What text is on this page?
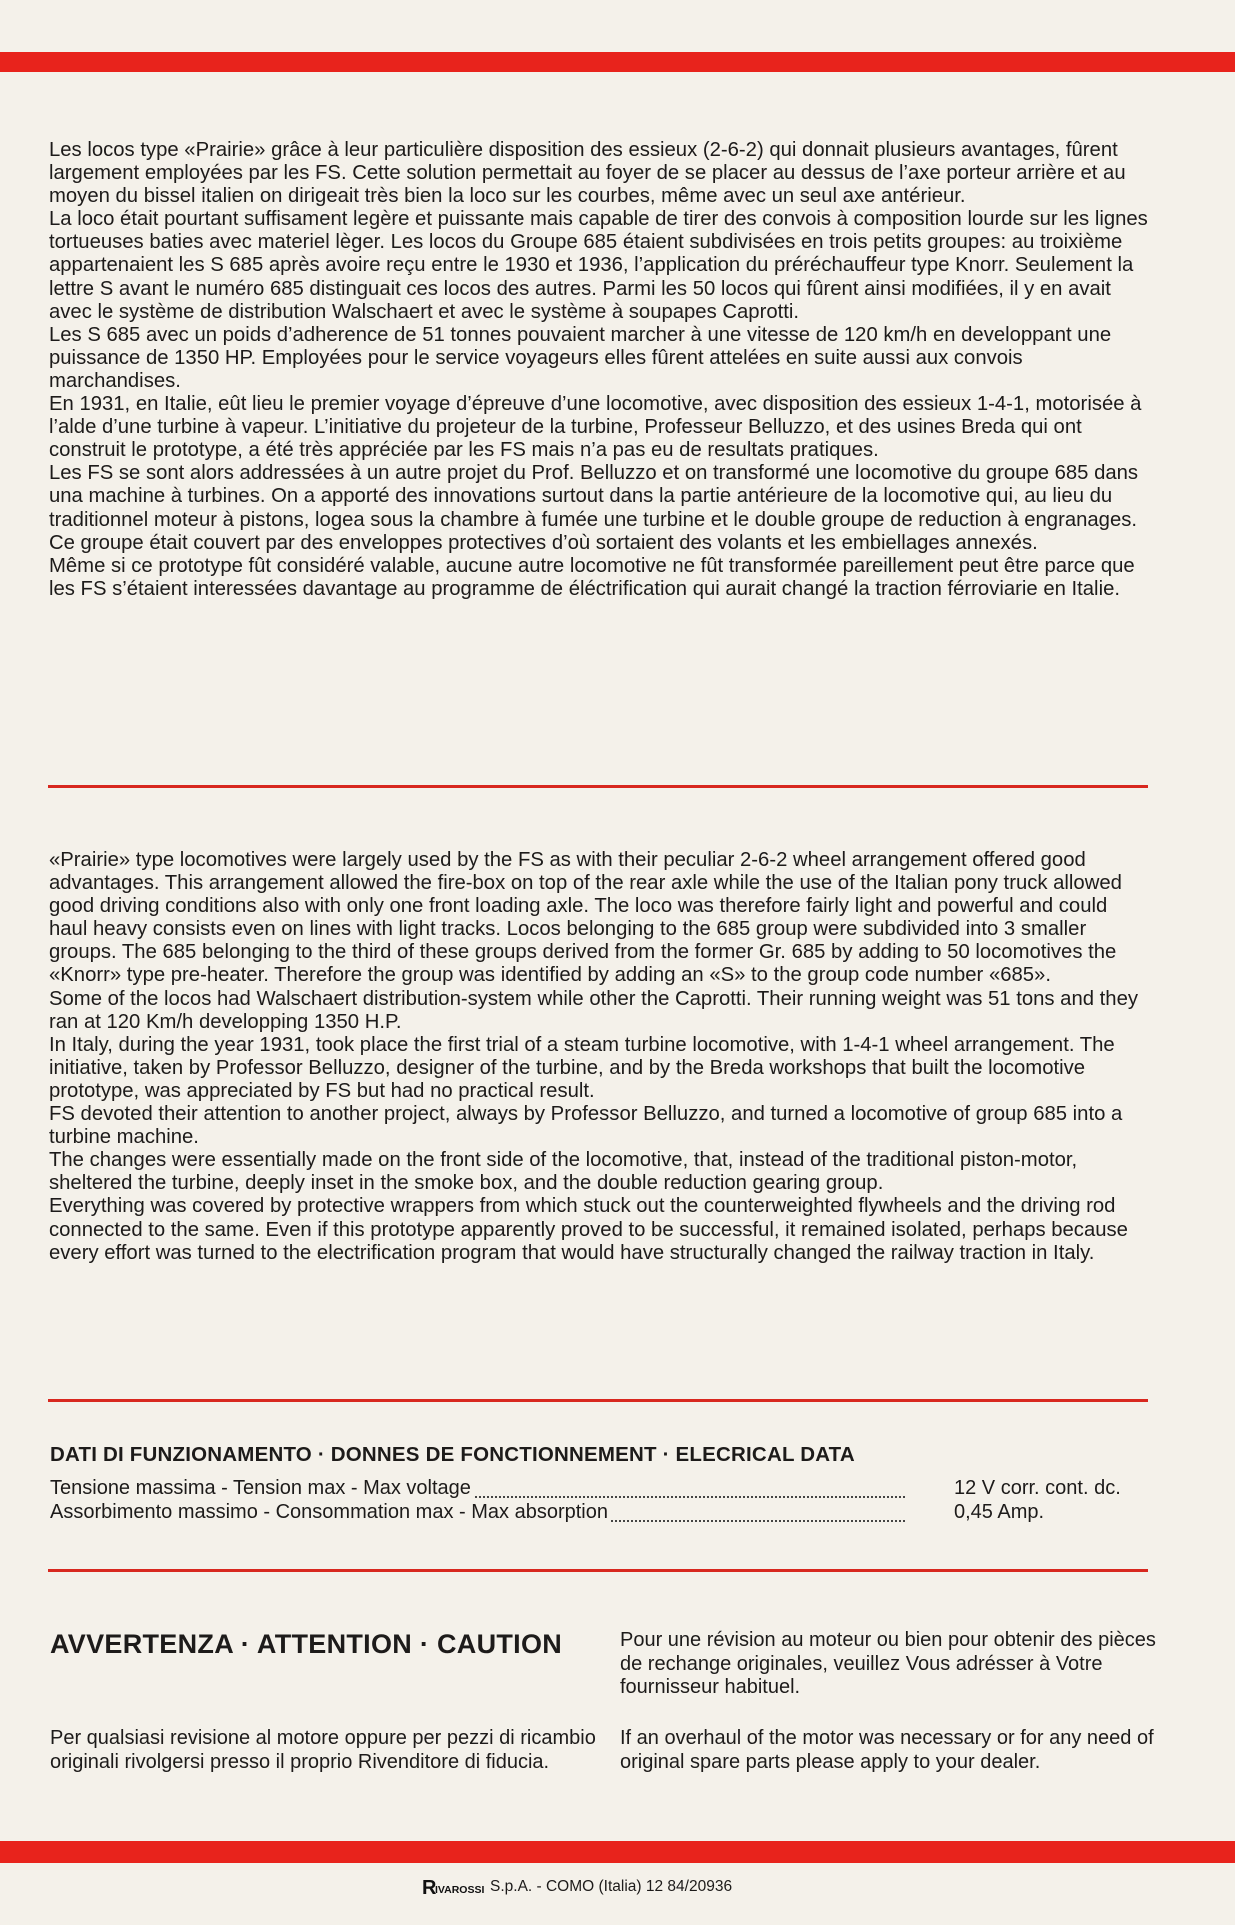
Les locos type «Prairie» grâce à leur particulière disposition des essieux (2-6-2) qui donnait plusieurs avantages, fûrent largement employées par les FS. Cette solution permettait au foyer de se placer au dessus de l’axe porteur arrière et au moyen du bissel italien on dirigeait très bien la loco sur les courbes, même avec un seul axe antérieur.

La loco était pourtant suffisament legère et puissante mais capable de tirer des convois à composition lourde sur les lignes tortueuses baties avec materiel lèger. Les locos du Groupe 685 étaient subdivisées en trois petits groupes: au troixième appartenaient les S 685 après avoire reçu entre le 1930 et 1936, l’application du préréchauffeur type Knorr. Seulement la lettre S avant le numéro 685 distinguait ces locos des autres. Parmi les 50 locos qui fûrent ainsi modifiées, il y en avait avec le système de distribution Walschaert et avec le système à soupapes Caprotti.

Les S 685 avec un poids d’adherence de 51 tonnes pouvaient marcher à une vitesse de 120 km/h en developpant une puissance de 1350 HP. Employées pour le service voyageurs elles fûrent attelées en suite aussi aux convois marchandises.

En 1931, en Italie, eût lieu le premier voyage d’épreuve d’une locomotive, avec disposition des essieux 1-4-1, motorisée à l’alde d’une turbine à vapeur. L’initiative du projeteur de la turbine, Professeur Belluzzo, et des usines Breda qui ont construit le prototype, a été très appréciée par les FS mais n’a pas eu de resultats pratiques.

Les FS se sont alors addressées à un autre projet du Prof. Belluzzo et on transformé une locomotive du groupe 685 dans una machine à turbines. On a apporté des innovations surtout dans la partie antérieure de la locomotive qui, au lieu du traditionnel moteur à pistons, logea sous la chambre à fumée une turbine et le double groupe de reduction à engranages. Ce groupe était couvert par des enveloppes protectives d’où sortaient des volants et les embiellages annexés.

Même si ce prototype fût considéré valable, aucune autre locomotive ne fût transformée pareillement peut être parce que les FS s’étaient interessées davantage au programme de éléctrification qui aurait changé la traction férroviarie en Italie.

«Prairie» type locomotives were largely used by the FS as with their peculiar 2-6-2 wheel arrangement offered good advantages. This arrangement allowed the fire-box on top of the rear axle while the use of the Italian pony truck allowed good driving conditions also with only one front loading axle. The loco was therefore fairly light and powerful and could haul heavy consists even on lines with light tracks. Locos belonging to the 685 group were subdivided into 3 smaller groups. The 685 belonging to the third of these groups derived from the former Gr. 685 by adding to 50 locomotives the «Knorr» type pre-heater. Therefore the group was identified by adding an «S» to the group code number «685».

Some of the locos had Walschaert distribution-system while other the Caprotti. Their running weight was 51 tons and they ran at 120 Km/h developping 1350 H.P.

In Italy, during the year 1931, took place the first trial of a steam turbine locomotive, with 1-4-1 wheel arrangement. The initiative, taken by Professor Belluzzo, designer of the turbine, and by the Breda workshops that built the locomotive prototype, was appreciated by FS but had no practical result.

FS devoted their attention to another project, always by Professor Belluzzo, and turned a locomotive of group 685 into a turbine machine.

The changes were essentially made on the front side of the locomotive, that, instead of the traditional piston-motor, sheltered the turbine, deeply inset in the smoke box, and the double reduction gearing group.

Everything was covered by protective wrappers from which stuck out the counterweighted flywheels and the driving rod connected to the same. Even if this prototype apparently proved to be successful, it remained isolated, perhaps because every effort was turned to the electrification program that would have structurally changed the railway traction in Italy.

DATI DI FUNZIONAMENTO · DONNES DE FONCTIONNEMENT · ELECRICAL DATA
Tensione massima - Tension max - Max voltage	12 V corr. cont. dc.
Assorbimento massimo - Consommation max - Max absorption	0,45 Amp.
AVVERTENZA · ATTENTION · CAUTION	Pour une révision au moteur ou bien pour obtenir des pièces de rechange originales, veuillez Vous adrésser à Votre fournisseur habituel.
Per qualsiasi revisione al motore oppure per pezzi di ricambio originali rivolgersi presso il proprio Rivenditore di fiducia.
If an overhaul of the motor was necessary or for any need of original spare parts please apply to your dealer.
R
IVAROSSI S.p.A. - COMO (Italia) 12 84/20936
